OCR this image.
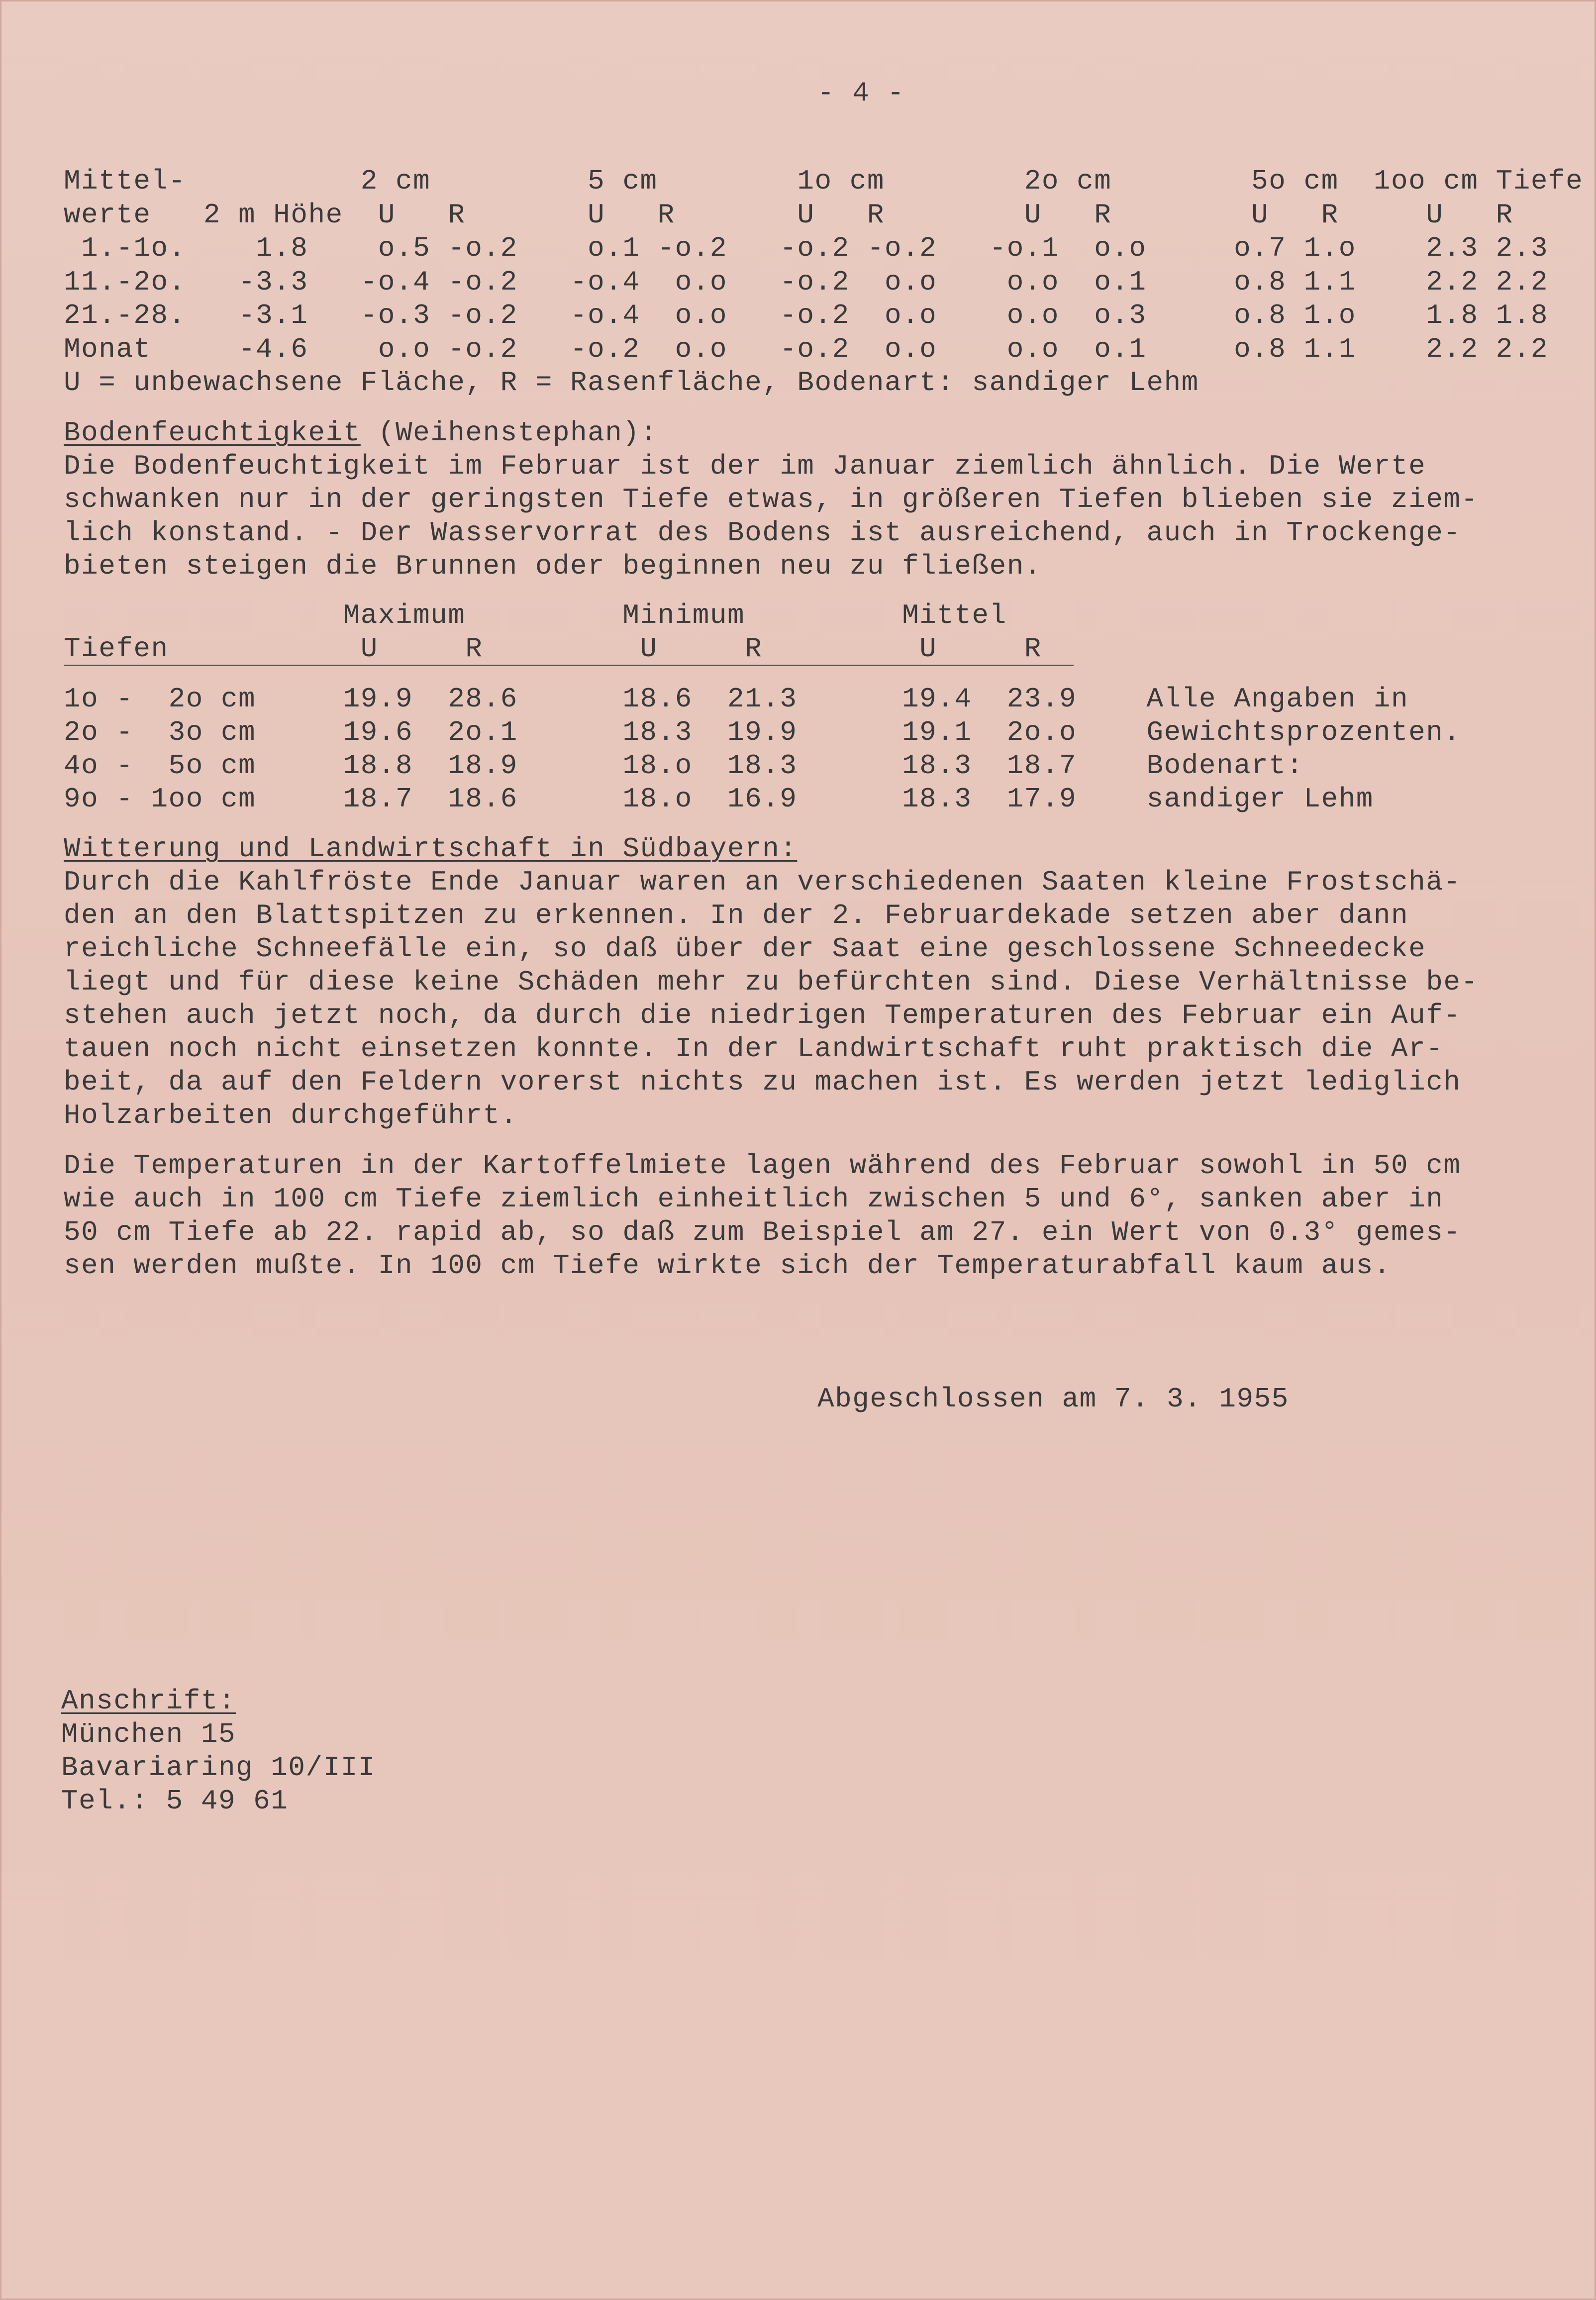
- 4 -
Mittel-          2 cm         5 cm        1o cm        2o cm        5o cm  1oo cm Tiefe
werte   2 m Höhe  U   R       U   R       U   R        U   R        U   R     U   R
1.-1o.    1.8    o.5 -o.2    o.1 -o.2   -o.2 -o.2   -o.1  o.o     o.7 1.o    2.3 2.3
11.-2o.   -3.3   -o.4 -o.2   -o.4  o.o   -o.2  o.o    o.o  o.1     o.8 1.1    2.2 2.2
21.-28.   -3.1   -o.3 -o.2   -o.4  o.o   -o.2  o.o    o.o  o.3     o.8 1.o    1.8 1.8
Monat     -4.6    o.o -o.2   -o.2  o.o   -o.2  o.o    o.o  o.1     o.8 1.1    2.2 2.2
U = unbewachsene Fläche, R = Rasenfläche, Bodenart: sandiger Lehm
Bodenfeuchtigkeit (Weihenstephan):
Die Bodenfeuchtigkeit im Februar ist der im Januar ziemlich ähnlich. Die Werte
schwanken nur in der geringsten Tiefe etwas, in größeren Tiefen blieben sie ziem-
lich konstand. - Der Wasservorrat des Bodens ist ausreichend, auch in Trockenge-
bieten steigen die Brunnen oder beginnen neu zu fließen.
Maximum         Minimum         Mittel
Tiefen           U     R         U     R         U     R
1o -  2o cm     19.9  28.6      18.6  21.3      19.4  23.9    Alle Angaben in
2o -  3o cm     19.6  2o.1      18.3  19.9      19.1  2o.o    Gewichtsprozenten.
4o -  5o cm     18.8  18.9      18.o  18.3      18.3  18.7    Bodenart:
9o - 1oo cm     18.7  18.6      18.o  16.9      18.3  17.9    sandiger Lehm
Witterung und Landwirtschaft in Südbayern:
Durch die Kahlfröste Ende Januar waren an verschiedenen Saaten kleine Frostschä-
den an den Blattspitzen zu erkennen. In der 2. Februardekade setzen aber dann
reichliche Schneefälle ein, so daß über der Saat eine geschlossene Schneedecke
liegt und für diese keine Schäden mehr zu befürchten sind. Diese Verhältnisse be-
stehen auch jetzt noch, da durch die niedrigen Temperaturen des Februar ein Auf-
tauen noch nicht einsetzen konnte. In der Landwirtschaft ruht praktisch die Ar-
beit, da auf den Feldern vorerst nichts zu machen ist. Es werden jetzt lediglich
Holzarbeiten durchgeführt.
Die Temperaturen in der Kartoffelmiete lagen während des Februar sowohl in 50 cm
wie auch in 100 cm Tiefe ziemlich einheitlich zwischen 5 und 6°, sanken aber in
50 cm Tiefe ab 22. rapid ab, so daß zum Beispiel am 27. ein Wert von 0.3° gemes-
sen werden mußte. In 100 cm Tiefe wirkte sich der Temperaturabfall kaum aus.
Abgeschlossen am 7. 3. 1955
Anschrift:
München 15
Bavariaring 10/III
Tel.: 5 49 61
